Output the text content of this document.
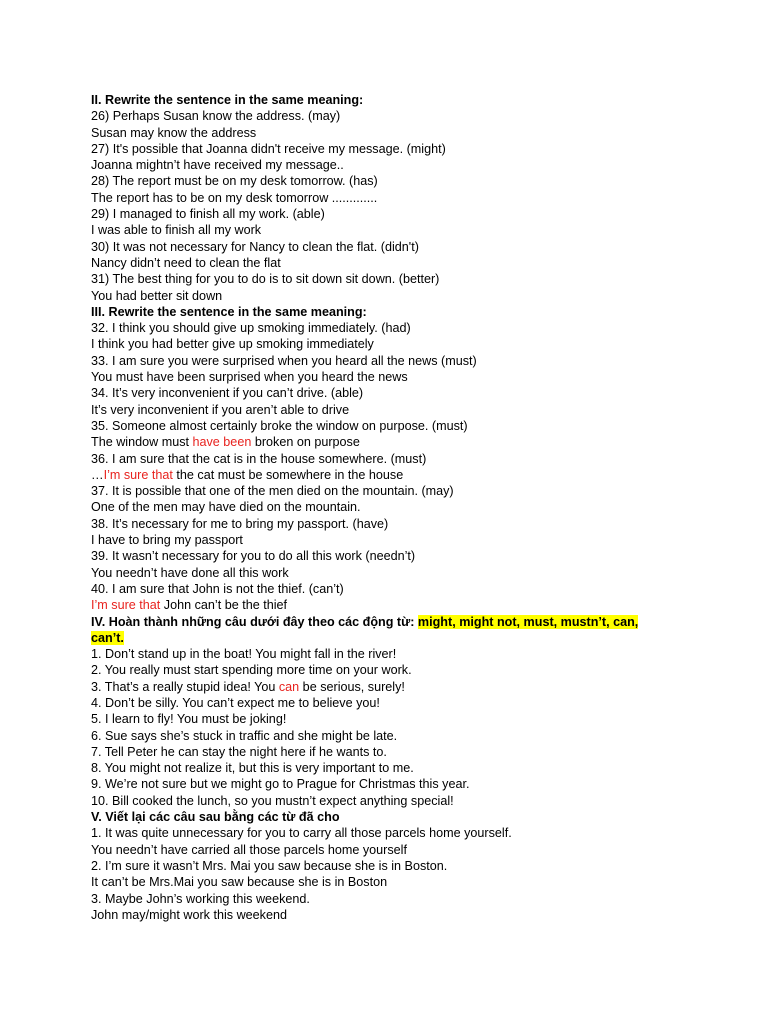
II. Rewrite the sentence in the same meaning:
26) Perhaps Susan know the address. (may)
Susan may know the address
27) It's possible that Joanna didn't receive my message. (might)
Joanna mightn’t have received my message..
28) The report must be on my desk tomorrow. (has)
The report has to be on my desk tomorrow .............
29) I managed to finish all my work. (able)
I was able to finish all my work
30) It was not necessary for Nancy to clean the flat. (didn't)
Nancy didn’t need to clean the flat
31) The best thing for you to do is to sit down sit down. (better)
You had better sit down
III. Rewrite the sentence in the same meaning:
32. I think you should give up smoking immediately. (had)
I think you had better give up smoking immediately
33. I am sure you were surprised when you heard all the news (must)
You must have been surprised when you heard the news
34. It’s very inconvenient if you can’t drive. (able)
It’s very inconvenient if you aren’t able to drive
35. Someone almost certainly broke the window on purpose. (must)
The window must have been broken on purpose
36. I am sure that the cat is in the house somewhere. (must)
…I’m sure that the cat must be somewhere in the house
37. It is possible that one of the men died on the mountain. (may)
One of the men may have died on the mountain.
38. It’s necessary for me to bring my passport. (have)
I have to bring my passport
39. It wasn’t necessary for you to do all this work (needn’t)
You needn’t have done all this work
40. I am sure that John is not the thief. (can’t)
I’m sure that John can’t be the thief
IV. Hoàn thành những câu dưới đây theo các động từ: might, might not, must, mustn’t, can, can’t.
1. Don’t stand up in the boat! You might fall in the river!
2. You really must start spending more time on your work.
3. That’s a really stupid idea! You can be serious, surely!
4. Don’t be silly. You can’t expect me to believe you!
5. I learn to fly! You must be joking!
6. Sue says she’s stuck in traffic and she might be late.
7. Tell Peter he can stay the night here if he wants to.
8. You might not realize it, but this is very important to me.
9. We’re not sure but we might go to Prague for Christmas this year.
10. Bill cooked the lunch, so you mustn’t expect anything special!
V. Viết lại các câu sau bằng các từ đã cho
1. It was quite unnecessary for you to carry all those parcels home yourself.
You needn’t have carried all those parcels home yourself
2. I’m sure it wasn’t Mrs. Mai you saw because she is in Boston.
It can’t be Mrs.Mai you saw because she is in Boston
3. Maybe John’s working this weekend.
John may/might work this weekend
